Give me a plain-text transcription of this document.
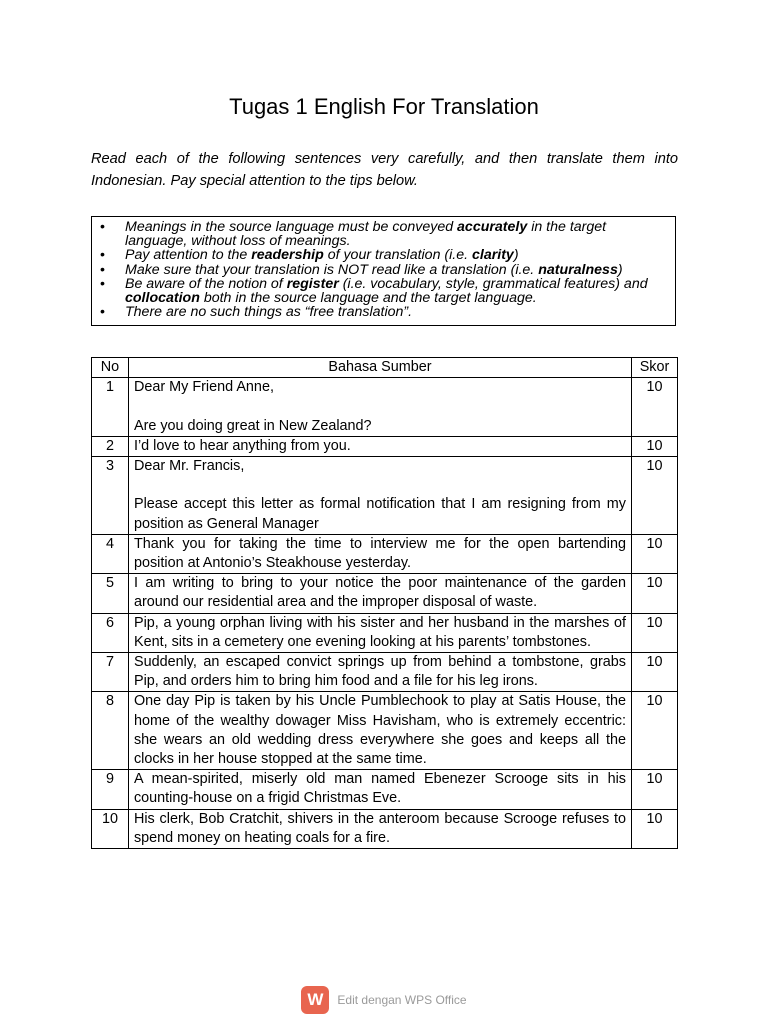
Tugas 1 English For Translation
Read each of the following sentences very carefully, and then translate them into Indonesian. Pay special attention to the tips below.
• Meanings in the source language must be conveyed accurately in the target language, without loss of meanings.
• Pay attention to the readership of your translation (i.e. clarity)
• Make sure that your translation is NOT read like a translation (i.e. naturalness)
• Be aware of the notion of register (i.e. vocabulary, style, grammatical features) and collocation both in the source language and the target language.
• There are no such things as “free translation”.
No	Bahasa Sumber	Skor
1	Dear My Friend Anne,

Are you doing great in New Zealand?	10
2	I’d love to hear anything from you.	10
3	Dear Mr. Francis,

Please accept this letter as formal notification that I am resigning from my position as General Manager	10
4	Thank you for taking the time to interview me for the open bartending position at Antonio’s Steakhouse yesterday.	10
5	I am writing to bring to your notice the poor maintenance of the garden around our residential area and the improper disposal of waste.	10
6	Pip, a young orphan living with his sister and her husband in the marshes of Kent, sits in a cemetery one evening looking at his parents’ tombstones.	10
7	Suddenly, an escaped convict springs up from behind a tombstone, grabs Pip, and orders him to bring him food and a file for his leg irons.	10
8	One day Pip is taken by his Uncle Pumblechook to play at Satis House, the home of the wealthy dowager Miss Havisham, who is extremely eccentric: she wears an old wedding dress everywhere she goes and keeps all the clocks in her house stopped at the same time.	10
9	A mean-spirited, miserly old man named Ebenezer Scrooge sits in his counting-house on a frigid Christmas Eve.	10
10	His clerk, Bob Cratchit, shivers in the anteroom because Scrooge refuses to spend money on heating coals for a fire.	10
W	Edit dengan WPS Office
